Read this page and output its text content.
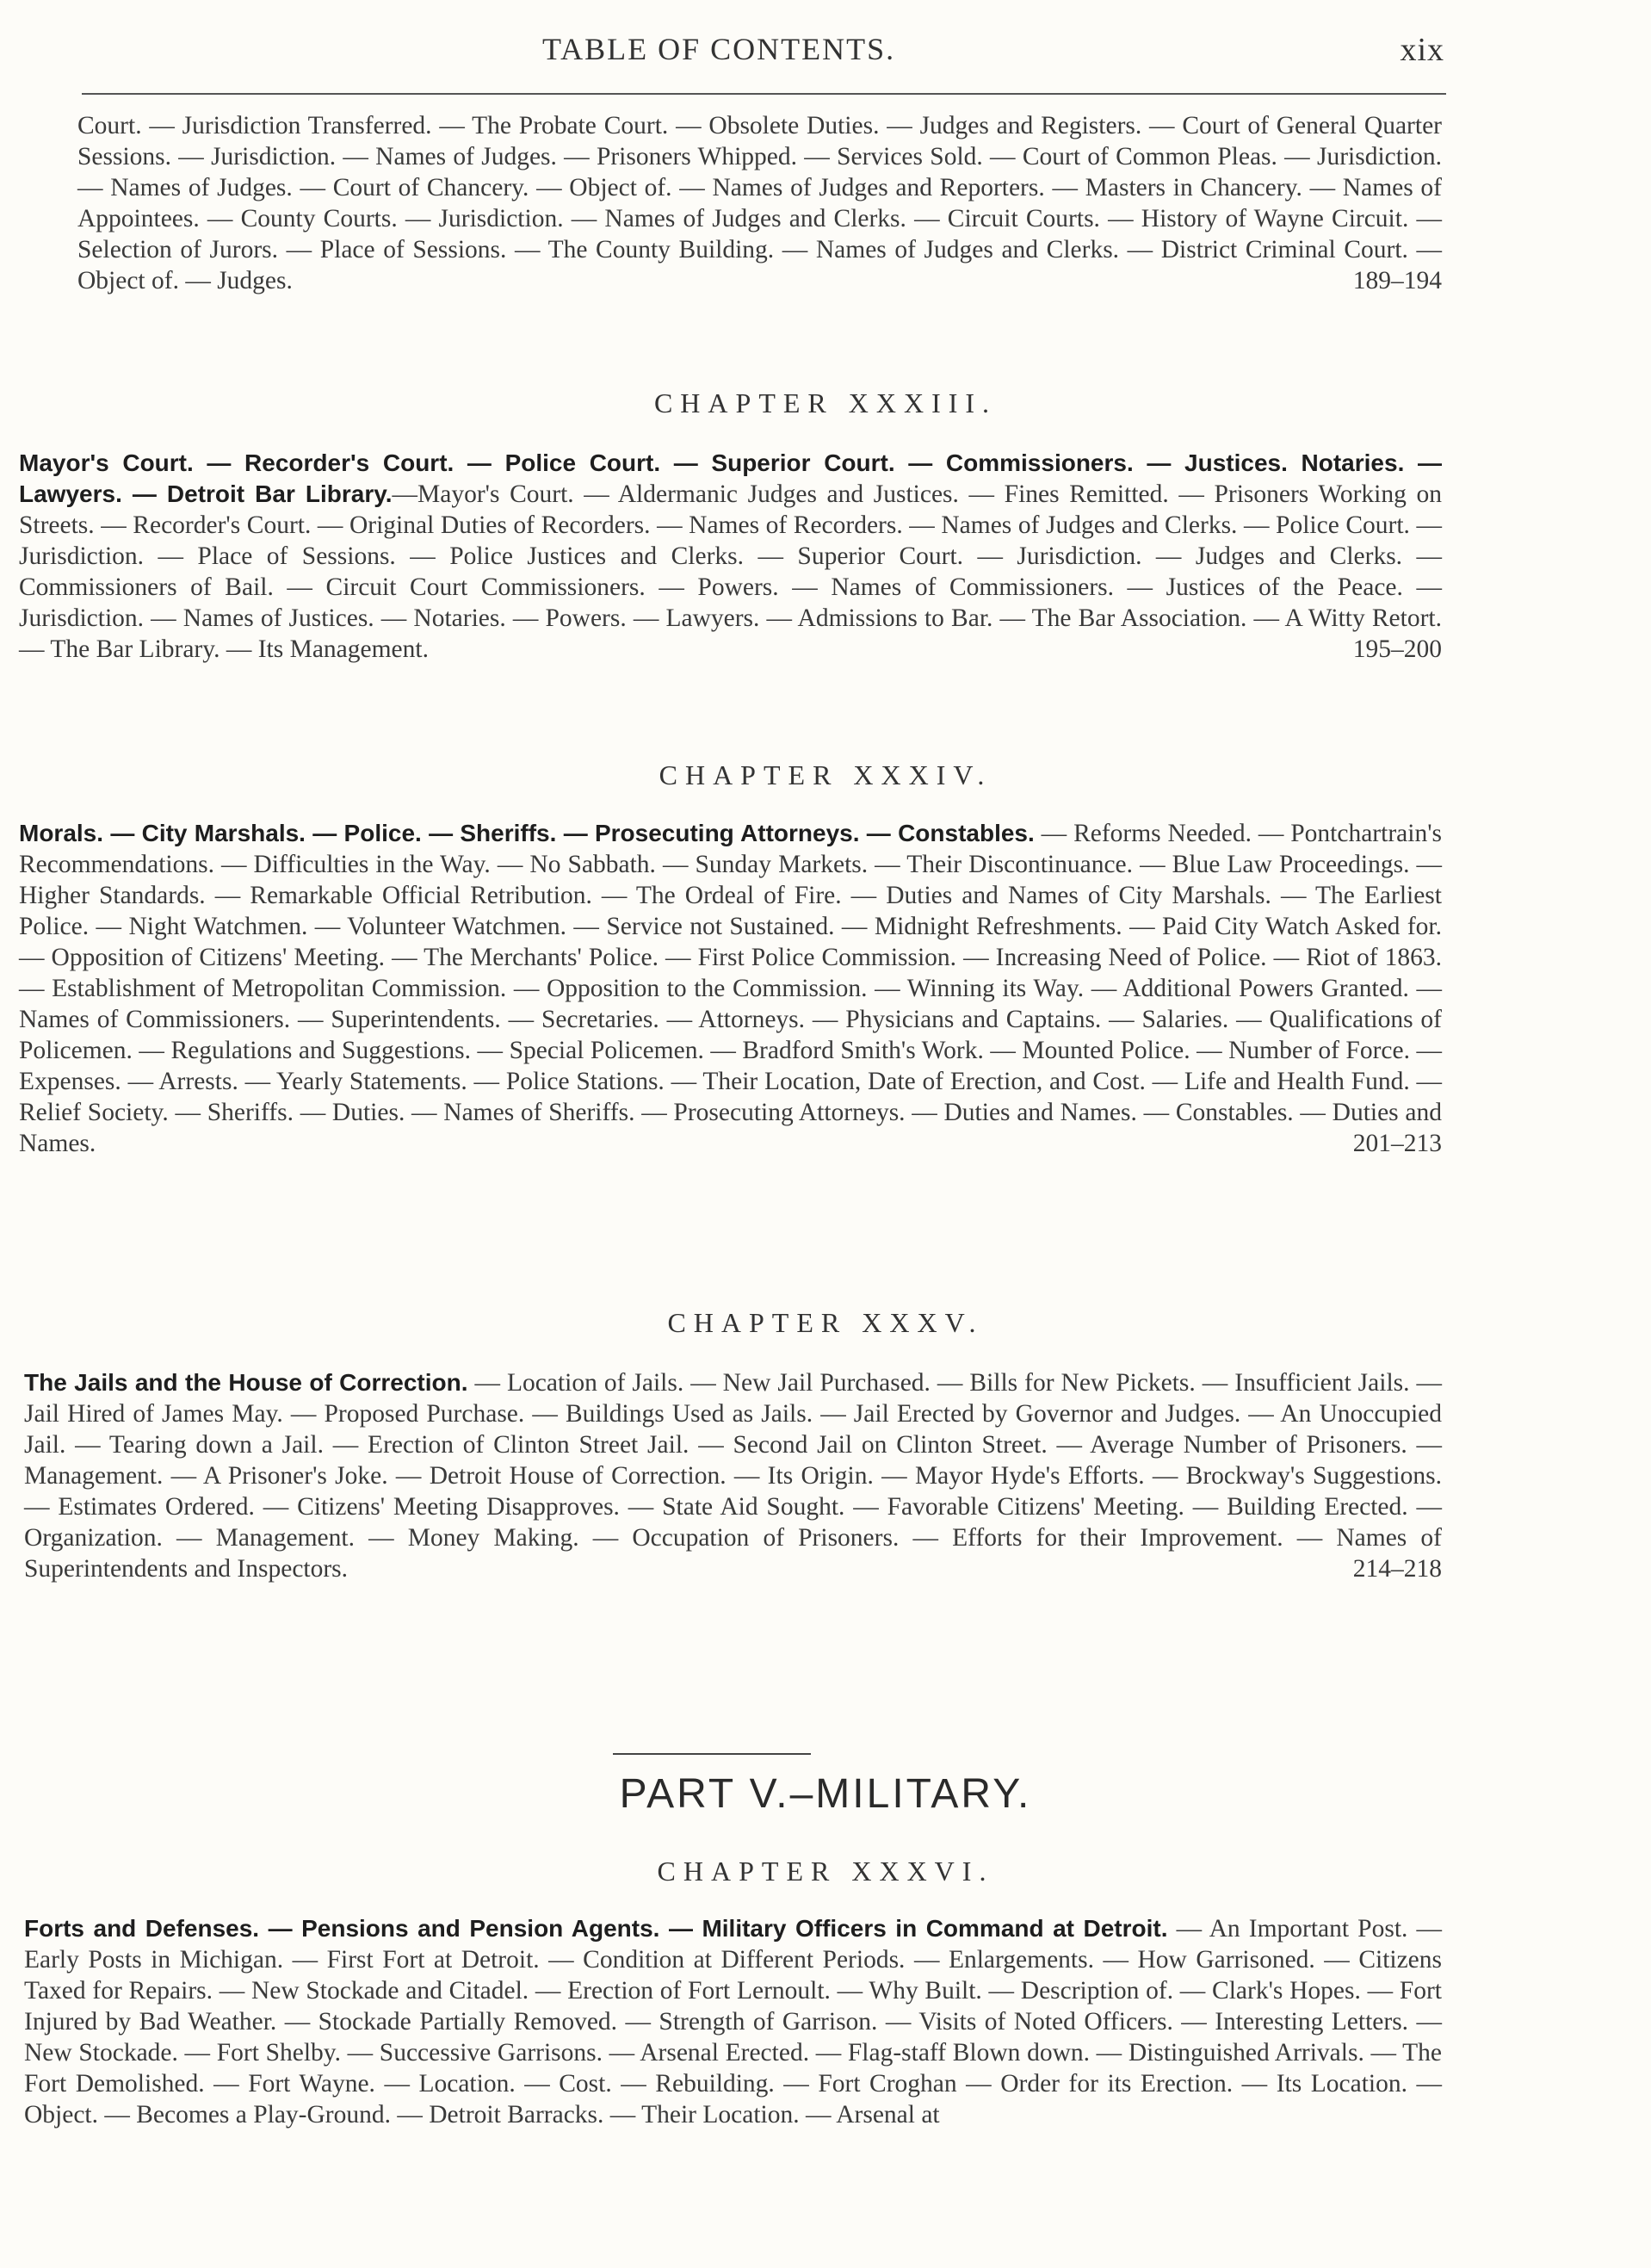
TABLE OF CONTENTS.	xix
Court. — Jurisdiction Transferred. — The Probate Court. — Obsolete Duties. — Judges and Registers. — Court of General Quarter Sessions. — Jurisdiction. — Names of Judges. — Prisoners Whipped. — Services Sold. — Court of Common Pleas. — Jurisdiction. — Names of Judges. — Court of Chancery. — Object of. — Names of Judges and Reporters. — Masters in Chancery. — Names of Appointees. — County Courts. — Jurisdiction. — Names of Judges and Clerks. — Circuit Courts. — History of Wayne Circuit. — Selection of Jurors. — Place of Sessions. — The County Building. — Names of Judges and Clerks. — District Criminal Court. — Object of. — Judges.	189–194
CHAPTER XXXIII.
Mayor's Court. — Recorder's Court. — Police Court. — Superior Court. — Commissioners. — Justices. Notaries. — Lawyers. — Detroit Bar Library.—Mayor's Court. — Aldermanic Judges and Justices. — Fines Remitted. — Prisoners Working on Streets. — Recorder's Court. — Original Duties of Recorders. — Names of Recorders. — Names of Judges and Clerks. — Police Court. — Jurisdiction. — Place of Sessions. — Police Justices and Clerks. — Superior Court. — Jurisdiction. — Judges and Clerks. — Commissioners of Bail. — Circuit Court Commissioners. — Powers. — Names of Commissioners. — Justices of the Peace. — Jurisdiction. — Names of Justices. — Notaries. — Powers. — Lawyers. — Admissions to Bar. — The Bar Association. — A Witty Retort. — The Bar Library. — Its Management.	195–200
CHAPTER XXXIV.
Morals. — City Marshals. — Police. — Sheriffs. — Prosecuting Attorneys. — Constables. — Reforms Needed. — Pontchartrain's Recommendations. — Difficulties in the Way. — No Sabbath. — Sunday Markets. — Their Discontinuance. — Blue Law Proceedings. — Higher Standards. — Remarkable Official Retribution. — The Ordeal of Fire. — Duties and Names of City Marshals. — The Earliest Police. — Night Watchmen. — Volunteer Watchmen. — Service not Sustained. — Midnight Refreshments. — Paid City Watch Asked for. — Opposition of Citizens' Meeting. — The Merchants' Police. — First Police Commission. — Increasing Need of Police. — Riot of 1863. — Establishment of Metropolitan Commission. — Opposition to the Commission. — Winning its Way. — Additional Powers Granted. — Names of Commissioners. — Superintendents. — Secretaries. — Attorneys. — Physicians and Captains. — Salaries. — Qualifications of Policemen. — Regulations and Suggestions. — Special Policemen. — Bradford Smith's Work. — Mounted Police. — Number of Force. — Expenses. — Arrests. — Yearly Statements. — Police Stations. — Their Location, Date of Erection, and Cost. — Life and Health Fund. — Relief Society. — Sheriffs. — Duties. — Names of Sheriffs. — Prosecuting Attorneys. — Duties and Names. — Constables. — Duties and Names.	201–213
CHAPTER XXXV.
The Jails and the House of Correction. — Location of Jails. — New Jail Purchased. — Bills for New Pickets. — Insufficient Jails. — Jail Hired of James May. — Proposed Purchase. — Buildings Used as Jails. — Jail Erected by Governor and Judges. — An Unoccupied Jail. — Tearing down a Jail. — Erection of Clinton Street Jail. — Second Jail on Clinton Street. — Average Number of Prisoners. — Management. — A Prisoner's Joke. — Detroit House of Correction. — Its Origin. — Mayor Hyde's Efforts. — Brockway's Suggestions. — Estimates Ordered. — Citizens' Meeting Disapproves. — State Aid Sought. — Favorable Citizens' Meeting. — Building Erected. — Organization. — Management. — Money Making. — Occupation of Prisoners. — Efforts for their Improvement. — Names of Superintendents and Inspectors.	214–218
PART V.–MILITARY.
CHAPTER XXXVI.
Forts and Defenses. — Pensions and Pension Agents. — Military Officers in Command at Detroit. — An Important Post. — Early Posts in Michigan. — First Fort at Detroit. — Condition at Different Periods. — Enlargements. — How Garrisoned. — Citizens Taxed for Repairs. — New Stockade and Citadel. — Erection of Fort Lernoult. — Why Built. — Description of. — Clark's Hopes. — Fort Injured by Bad Weather. — Stockade Partially Removed. — Strength of Garrison. — Visits of Noted Officers. — Interesting Letters. — New Stockade. — Fort Shelby. — Successive Garrisons. — Arsenal Erected. — Flag-staff Blown down. — Distinguished Arrivals. — The Fort Demolished. — Fort Wayne. — Location. — Cost. — Rebuilding. — Fort Croghan — Order for its Erection. — Its Location. — Object. — Becomes a Play-Ground. — Detroit Barracks. — Their Location. — Arsenal at
